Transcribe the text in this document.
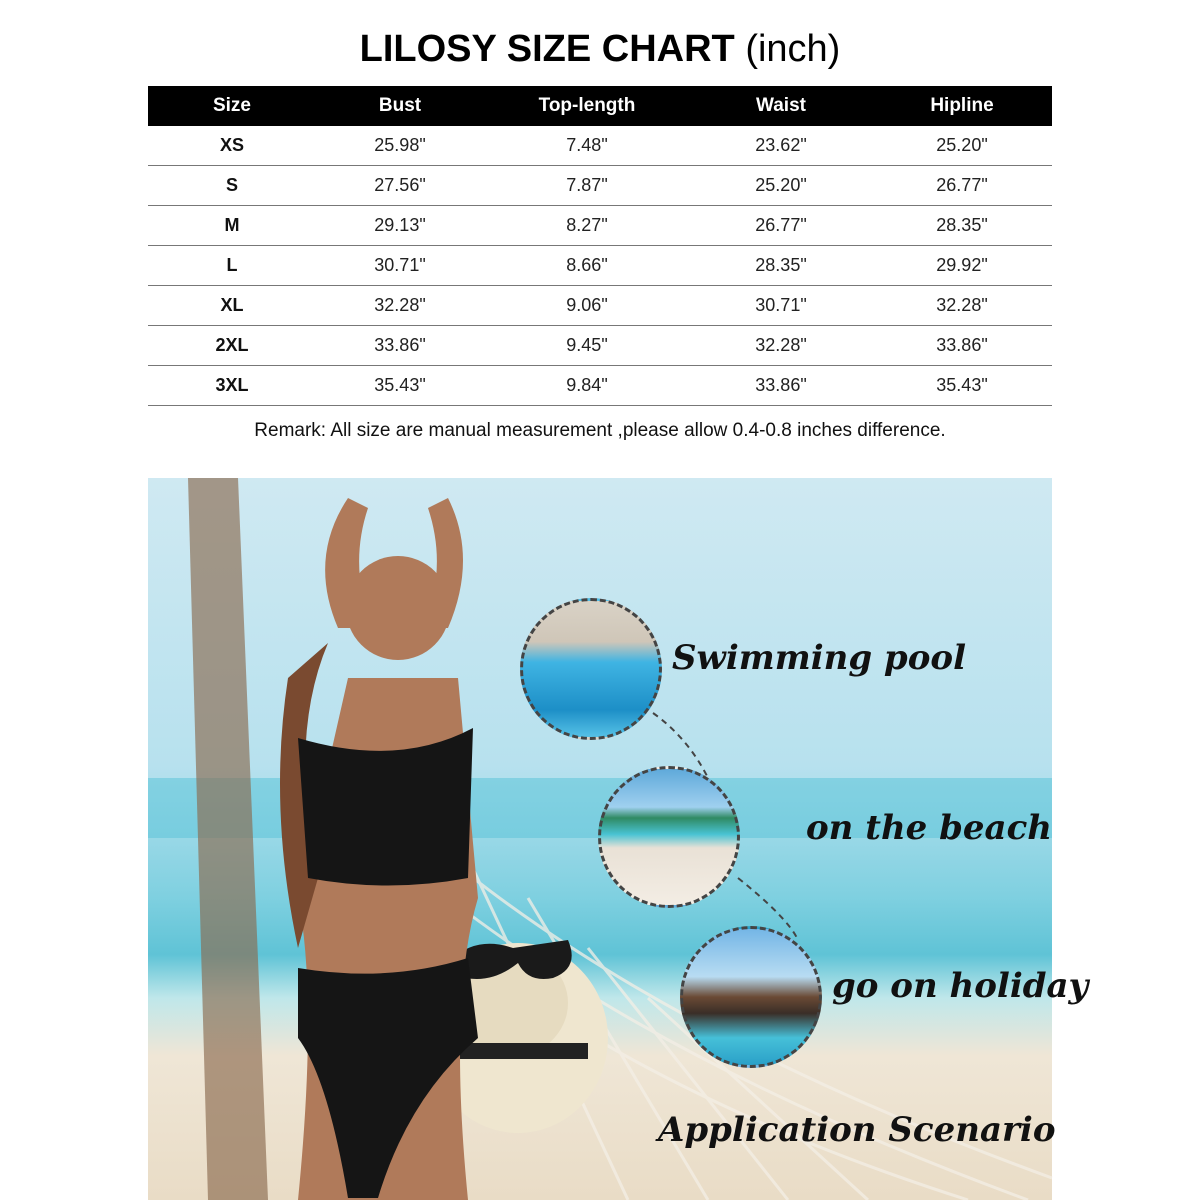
LILOSY SIZE CHART (inch)
Size	Bust	Top-length	Waist	Hipline
XS	25.98"	7.48"	23.62"	25.20"
S	27.56"	7.87"	25.20"	26.77"
M	29.13"	8.27"	26.77"	28.35"
L	30.71"	8.66"	28.35"	29.92"
XL	32.28"	9.06"	30.71"	32.28"
2XL	33.86"	9.45"	32.28"	33.86"
3XL	35.43"	9.84"	33.86"	35.43"
Remark: All size are manual measurement ,please allow 0.4-0.8 inches difference.
Swimming pool
on the beach
go on holiday
Application Scenario
